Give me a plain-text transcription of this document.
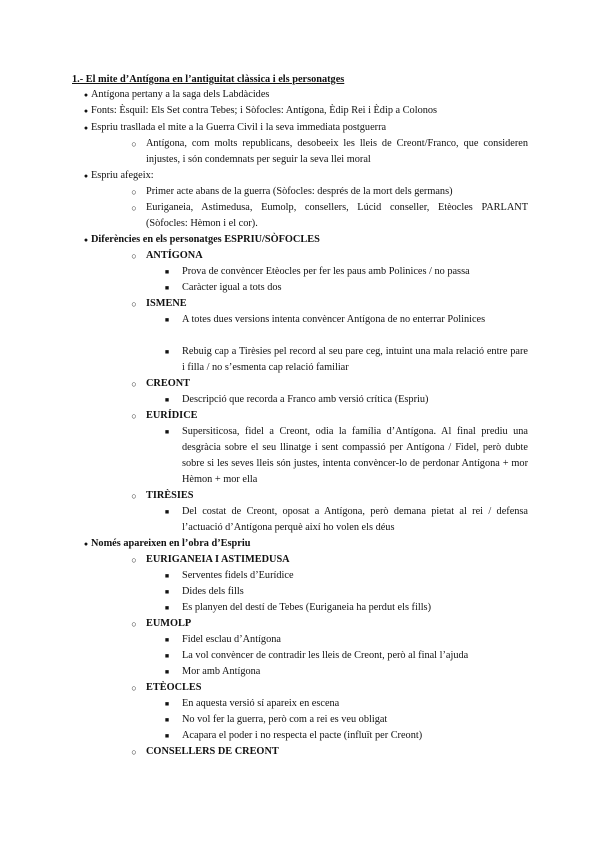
1.- El mite d’Antígona en l’antiguitat clàssica i els personatges
● Antígona pertany a la saga dels Labdàcides
● Fonts: Èsquil: Els Set contra Tebes; i Sòfocles: Antígona, Èdip Rei i Èdip a Colonos
● Espriu trasllada el mite a la Guerra Civil i la seva immediata postguerra
○ Antígona, com molts republicans, desobeeix les lleis de Creont/Franco, que consideren injustes, i són condemnats per seguir la seva llei moral
● Espriu afegeix:
○ Primer acte abans de la guerra (Sòfocles: després de la mort dels germans)
○ Euriganeia, Astimedusa, Eumolp, consellers, Lúcid conseller, Etèocles PARLANT (Sòfocles: Hèmon i el cor).
● Diferències en els personatges ESPRIU/SÒFOCLES
○ ANTÍGONA
■	Prova de convèncer Etèocles per fer les paus amb Polinices / no passa
■	Caràcter igual a tots dos
○ ISMENE
■	A totes dues versions intenta convèncer Antígona de no enterrar Polinices
■	Rebuig cap a Tirèsies pel record al seu pare ceg, intuint una mala relació entre pare i filla / no s’esmenta cap relació familiar
○ CREONT
■	Descripció que recorda a Franco amb versió crítica (Espriu)
○ EURÍDICE
■	Supersiticosa, fidel a Creont, odia la família d’Antígona. Al final prediu una desgràcia sobre el seu llinatge i sent compassió per Antígona / Fidel, però dubte sobre si les seves lleis són justes, intenta convèncer-lo de perdonar Antígona + mor Hèmon + mor ella
○ TIRÈSIES
■	Del costat de Creont, oposat a Antígona, però demana pietat al rei / defensa l’actuació d’Antígona perquè així ho volen els déus
● Només apareixen en l’obra d’Espriu
○ EURIGANEIA I ASTIMEDUSA
■	Serventes fidels d’Eurídice
■	Dides dels fills
■	Es planyen del destí de Tebes (Euriganeia ha perdut els fills)
○ EUMOLP
■	Fidel esclau d’Antígona
■	La vol convèncer de contradir les lleis de Creont, però al final l’ajuda
■	Mor amb Antígona
○ ETÈOCLES
■	En aquesta versió sí apareix en escena
■	No vol fer la guerra, però com a rei es veu obligat
■	Acapara el poder i no respecta el pacte (influït per Creont)
○ CONSELLERS DE CREONT
